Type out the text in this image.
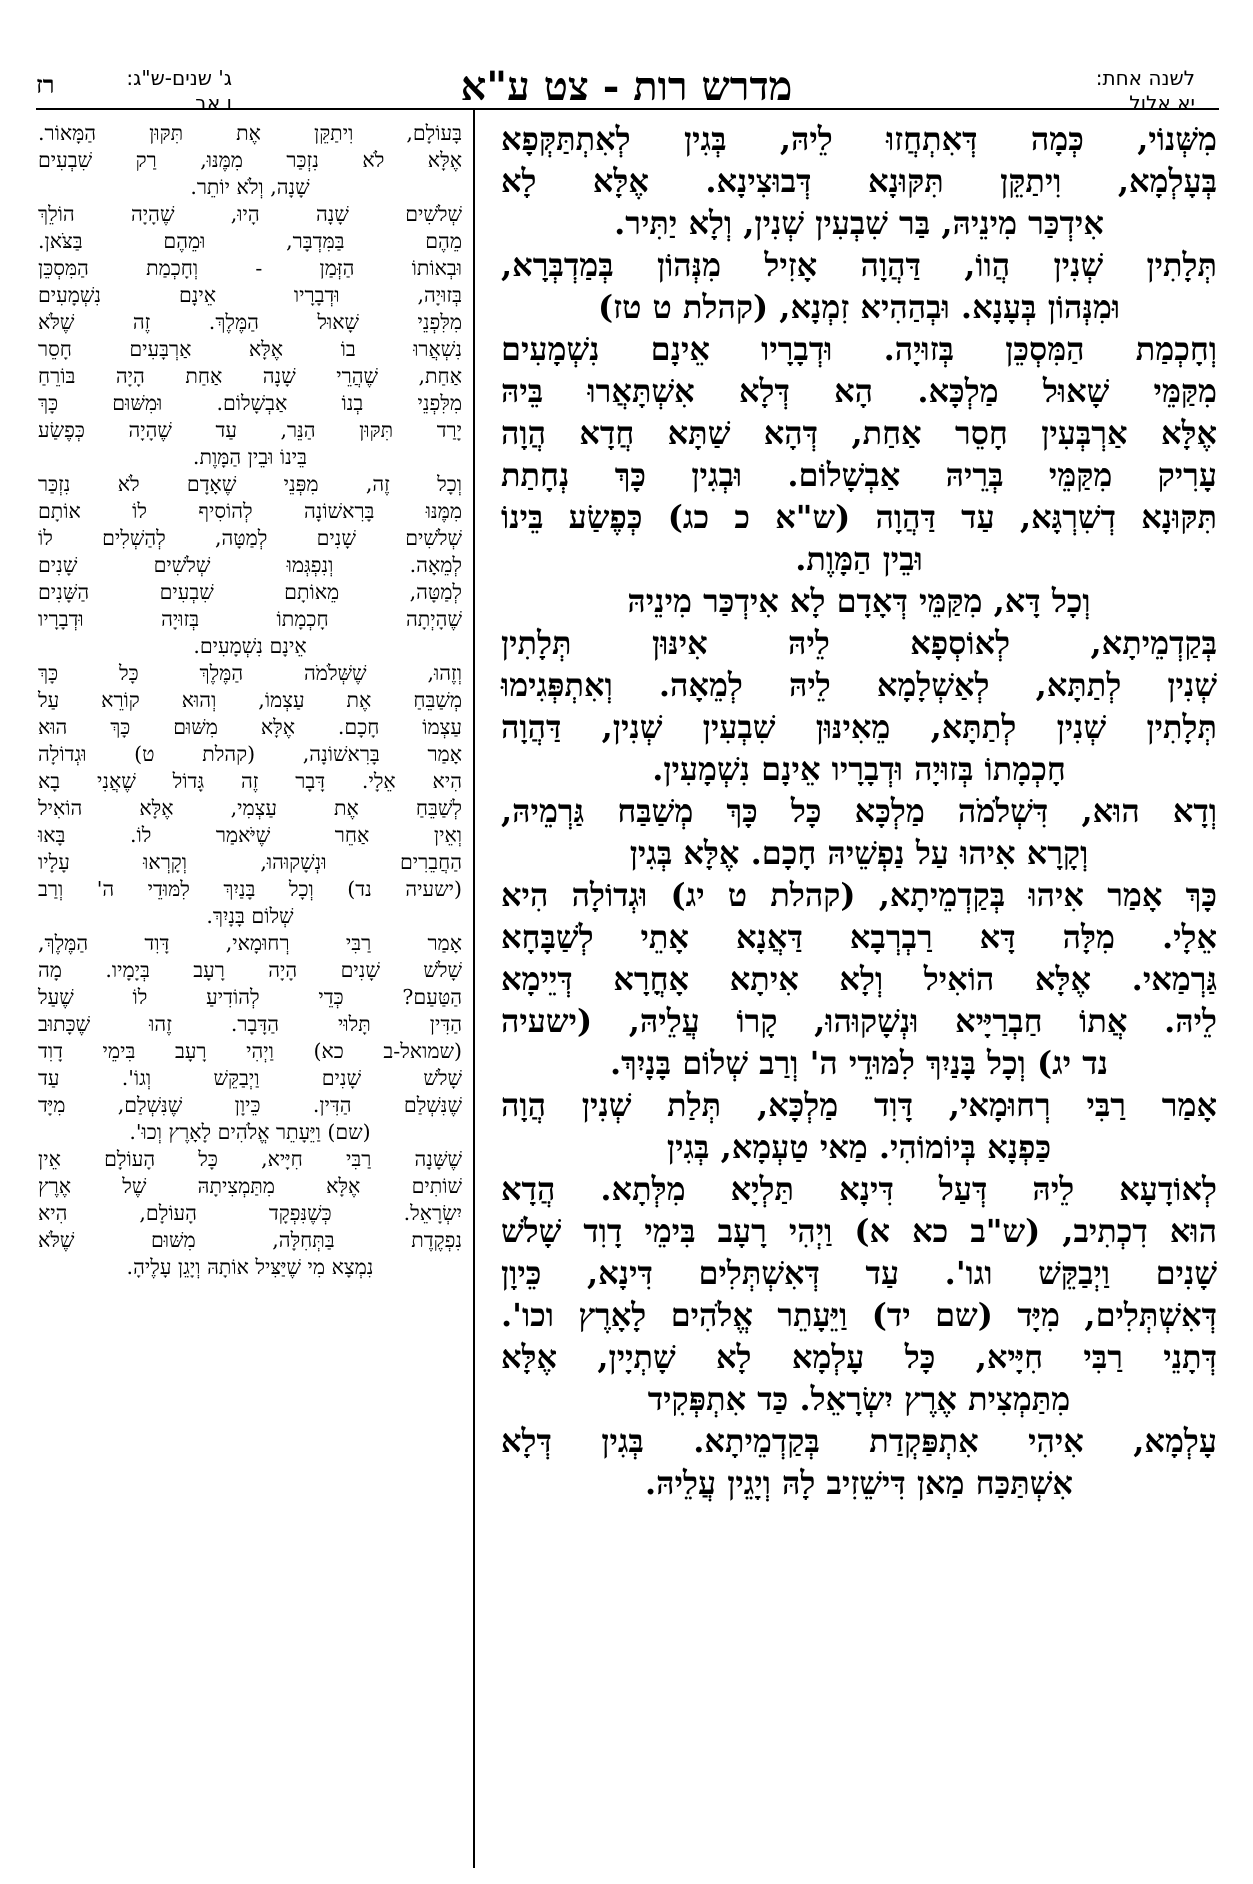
לשנה אחת:
יא אלול
מדרש רות - צט ע"א
ג' שנים-ש"ג:
ו אב
רז

מִשְּׁנוֹי, כְּמָה דְּאִתְחֲזוּ לֵיהּ, בְּגִין לְאִתְתַּקְּפָא

בְּעָלְמָא, וִיתַקֵּן תִּקּוּנָא דְּבוּצִינָא. אֶלָּא לָא

אִידְכַּר מִינֵיהּ, בַּר שִׁבְעִין שְׁנִין, וְלָא יַתִּיר.

תְּלָתִין שְׁנִין הֲווֹ, דַּהֲוָה אָזִיל מִנְּהוֹן בְּמַדְבְּרָא,

וּמִנְּהוֹן בְּעָנָא. וּבְהַהִיא זִמְנָא, (קהלת ט טז)

וְחָכְמַת הַמִּסְכֵּן בְּזוּיָה. וּדְבָרָיו אֵינָם נִשְׁמָעִים

מִקַּמֵּי שָׁאוּל מַלְכָּא. הָא דְּלָא אִשְׁתָּאֲרוּ בֵּיהּ

אֶלָּא אַרְבְּעִין חָסֵר אַחַת, דְּהָא שַׁתָּא חֲדָא הֲוָה

עָרִיק מִקַּמֵּי בְּרֵיהּ אַבְשָׁלוֹם. וּבְגִין כָּךְ נְחָתַת

תִּקּוּנָא דְשִׁרְגָּא, עַד דַּהֲוָה (ש"א כ כג) כְּפֶשַׂע בֵּינוֹ

וּבֵין הַמָּוֶת.

וְכָל דָּא, מִקַּמֵּי דְּאָדָם לָא אִידְכַּר מִינֵיהּ

בְּקַדְמֵיתָא, לְאוֹסְפָא לֵיהּ אִינּוּן תְּלָתִין

שְׁנִין לְתַתָּא, לְאַשְׁלָמָא לֵיהּ לְמֵאָה. וְאִתְפְּגִימוּ

תְּלָתִין שְׁנִין לְתַתָּא, מֵאִינּוּן שִׁבְעִין שְׁנִין, דַּהֲוָה

חָכְמָתוֹ בְּזוּיָה וּדְבָרָיו אֵינָם נִשְׁמָעִין.

וְדָא הוּא, דִּשְׁלֹמֹה מַלְכָּא כָּל כָּךְ מְשַׁבַּח גַּרְמֵיהּ,

וְקָרָא אִיהוּ עַל נַפְשֵׁיהּ חָכָם. אֶלָּא בְּגִין

כָּךְ אָמַר אִיהוּ בְּקַדְמֵיתָא, (קהלת ט יג) וּגְדוֹלָה הִיא

אֵלָי. מִלָּה דָּא רַבְרְבָא דַּאֲנָא אָתֵי לְשַׁבָּחָא

גַּרְמַאי. אֶלָּא הוֹאִיל וְלָא אִיתָא אָחֳרָא דְּיֵימָא

לֵיהּ. אֲתוֹ חַבְרַיָּיא וּנְשָׁקוּהוּ, קָרוֹ עֲלֵיהּ, (ישעיה

נד יג) וְכָל בָּנַיִךְ לִמּוּדֵי ה' וְרַב שְׁלוֹם בָּנָיִךְ.

אָמַר רַבִּי רְחוּמָאי, דָּוִד מַלְכָּא, תְּלַת שְׁנִין הֲוָה

כַּפְנָא בְּיוֹמוֹהִי. מַאי טַעְמָא, בְּגִין

לְאוֹדָעָא לֵיהּ דְּעַל דִּינָא תַּלְיָא מִלְּתָא. הֲדָא

הוּא דִכְתִיב, (ש"ב כא א) וַיְהִי רָעָב בִּימֵי דָוִד שָׁלֹשׁ

שָׁנִים וַיְבַקֵּשׁ וגו'. עַד דְּאִשְׁתְּלִים דִּינָא, כֵּיוָן

דְּאִשְׁתְּלִים, מִיָּד (שם יד) וַיֵּעָתֵר אֱלֹהִים לָאָרֶץ וכו'.

דְּתָנֵי רַבִּי חִיָּיא, כָּל עָלְמָא לָא שָׁתְיָין, אֶלָּא

מִתַּמְצִית אֶרֶץ יִשְׂרָאֵל. כַּד אִתְפְּקִיד

עָלְמָא, אִיהִי אִתְפַּקְדַת בְּקַדְמֵיתָא. בְּגִין דְּלָא

אִשְׁתַּכַּח מַאן דִּישֵׁזִיב לָהּ וְיָגֵין עֲלֵיהּ.

בָּעוֹלָם, וִיתַקֵּן אֶת תִּקּוּן הַמָּאוֹר.

אֶלָּא לֹא נִזְכַּר מִמֶּנּוּ, רַק שִׁבְעִים

שָׁנָה, וְלֹא יוֹתֵר.

שְׁלֹשִׁים שָׁנָה הָיוּ, שֶׁהָיָה הוֹלֵךְ

מֵהֶם בַּמִּדְבָּר, וּמֵהֶם בַּצֹּאן.

וּבְאוֹתוֹ הַזְּמַן - וְחָכְמַת הַמִּסְכֵּן

בְּזוּיָה, וּדְבָרָיו אֵינָם נִשְׁמָעִים

מִלִּפְנֵי שָׁאוּל הַמֶּלֶךְ. זֶה שֶׁלֹּא

נִשְׁאֲרוּ בוֹ אֶלָּא אַרְבָּעִים חָסֵר

אַחַת, שֶׁהֲרֵי שָׁנָה אַחַת הָיָה בּוֹרֵחַ

מִלִּפְנֵי בְנוֹ אַבְשָׁלוֹם. וּמִשּׁוּם כָּךְ

יָרַד תִּקּוּן הַנֵּר, עַד שֶׁהָיָה כְּפֶשַׂע

בֵּינוֹ וּבֵין הַמָּוֶת.

וְכָל זֶה, מִפְּנֵי שֶׁאָדָם לֹא נִזְכַּר

מִמֶּנּוּ בָּרִאשׁוֹנָה לְהוֹסִיף לוֹ אוֹתָם

שְׁלֹשִׁים שָׁנִים לְמַטָּה, לְהַשְׁלִים לוֹ

לְמֵאָה. וְנִפְגְּמוּ שְׁלֹשִׁים שָׁנִים

לְמַטָּה, מֵאוֹתָם שִׁבְעִים הַשָּׁנִים

שֶׁהָיְתָה חָכְמָתוֹ בְּזוּיָה וּדְבָרָיו

אֵינָם נִשְׁמָעִים.

וְזֶהוּ, שֶׁשְּׁלֹמֹה הַמֶּלֶךְ כָּל כָּךְ

מְשַׁבֵּחַ אֶת עַצְמוֹ, וְהוּא קוֹרֵא עַל

עַצְמוֹ חָכָם. אֶלָּא מִשּׁוּם כָּךְ הוּא

אָמַר בָּרִאשׁוֹנָה, (קהלת ט) וּגְדוֹלָה

הִיא אֵלָי. דָּבָר זֶה גָּדוֹל שֶׁאֲנִי בָא

לְשַׁבֵּחַ אֶת עַצְמִי, אֶלָּא הוֹאִיל

וְאֵין אַחֵר שֶׁיֹּאמַר לוֹ. בָּאוּ

הַחֲבֵרִים וּנְשָׁקוּהוּ, וְקָרְאוּ עָלָיו

(ישעיה נד) וְכָל בָּנַיִךְ לִמּוּדֵי ה' וְרַב

שְׁלוֹם בָּנָיִךְ.

אָמַר רַבִּי רְחוּמָאי, דָּוִד הַמֶּלֶךְ,

שָׁלֹשׁ שָׁנִים הָיָה רָעָב בְּיָמָיו. מָה

הַטַּעַם? כְּדֵי לְהוֹדִיעַ לוֹ שֶׁעַל

הַדִּין תָּלוּי הַדָּבָר. זֶהוּ שֶׁכָּתוּב

(שמואל-ב כא) וַיְהִי רָעָב בִּימֵי דָוִד

שָׁלֹשׁ שָׁנִים וַיְבַקֵּשׁ וְגוֹ'. עַד

שֶׁנִּשְׁלַם הַדִּין. כֵּיוָן שֶׁנִּשְׁלַם, מִיָּד

(שם) וַיֵּעָתֵר אֱלֹהִים לָאָרֶץ וְכוּ'.

שֶׁשָּׁנָה רַבִּי חִיָּיא, כָּל הָעוֹלָם אֵין

שׁוֹתִים אֶלָּא מִתַּמְצִיתָהּ שֶׁל אֶרֶץ

יִשְׂרָאֵל. כְּשֶׁנִּפְקָד הָעוֹלָם, הִיא

נִפְקֶדֶת בַּתְּחִלָּה, מִשּׁוּם שֶׁלֹּא

נִמְצָא מִי שֶׁיַּצִּיל אוֹתָהּ וְיָגֵן עָלֶיהָ.
